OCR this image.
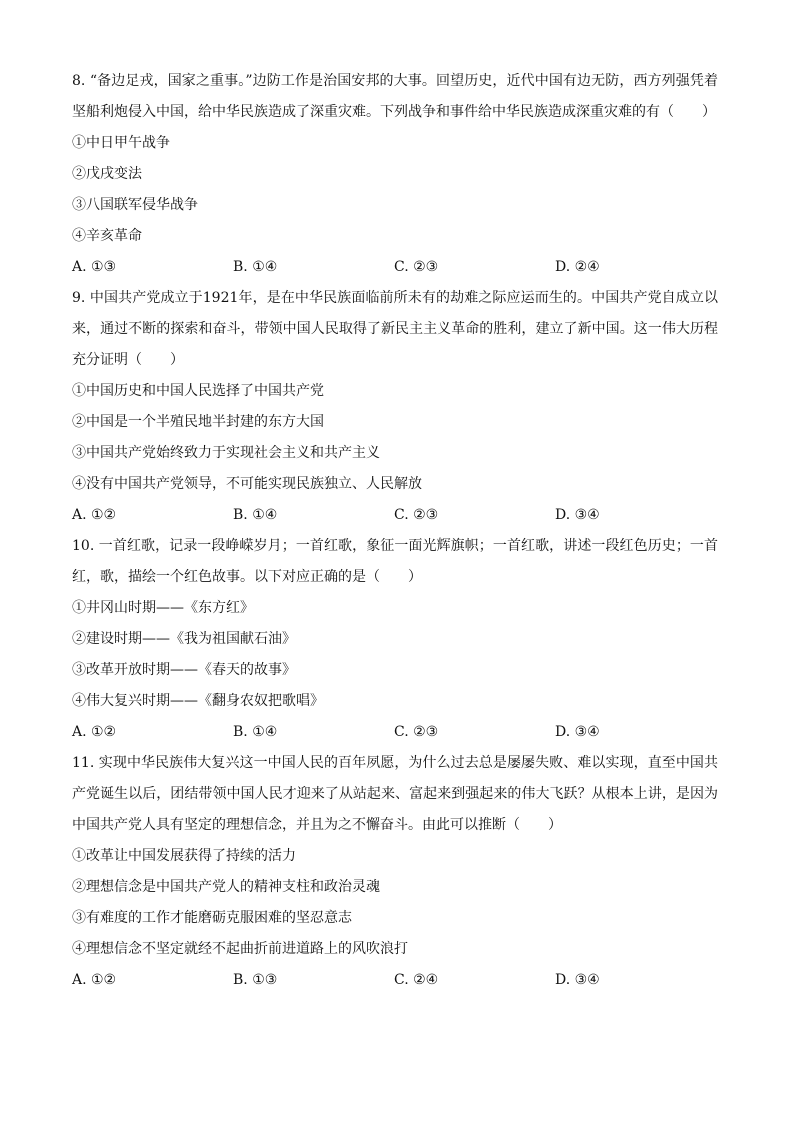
8. “备边足戎，国家之重事。”边防工作是治国安邦的大事。回望历史，近代中国有边无防，西方列强凭着坚船利炮侵入中国，给中华民族造成了深重灾难。下列战争和事件给中华民族造成深重灾难的有（　　）

①中日甲午战争

②戊戌变法

③八国联军侵华战争

④辛亥革命

A. ①③	B. ①④	C. ②③	D. ②④

9. 中国共产党成立于1921年，是在中华民族面临前所未有的劫难之际应运而生的。中国共产党自成立以来，通过不断的探索和奋斗，带领中国人民取得了新民主主义革命的胜利，建立了新中国。这一伟大历程充分证明（　　）

①中国历史和中国人民选择了中国共产党

②中国是一个半殖民地半封建的东方大国

③中国共产党始终致力于实现社会主义和共产主义

④没有中国共产党领导，不可能实现民族独立、人民解放

A. ①②	B. ①④	C. ②③	D. ③④

10. 一首红歌，记录一段峥嵘岁月；一首红歌，象征一面光辉旗帜；一首红歌，讲述一段红色历史；一首红，歌，描绘一个红色故事。以下对应正确的是（　　）

①井冈山时期——《东方红》

②建设时期——《我为祖国献石油》

③改革开放时期——《春天的故事》

④伟大复兴时期——《翻身农奴把歌唱》

A. ①②	B. ①④	C. ②③	D. ③④

11. 实现中华民族伟大复兴这一中国人民的百年夙愿，为什么过去总是屡屡失败、难以实现，直至中国共产党诞生以后，团结带领中国人民才迎来了从站起来、富起来到强起来的伟大飞跃？从根本上讲，是因为中国共产党人具有坚定的理想信念，并且为之不懈奋斗。由此可以推断（　　）

①改革让中国发展获得了持续的活力

②理想信念是中国共产党人的精神支柱和政治灵魂

③有难度的工作才能磨砺克服困难的坚忍意志

④理想信念不坚定就经不起曲折前进道路上的风吹浪打

A. ①②	B. ①③	C. ②④	D. ③④
